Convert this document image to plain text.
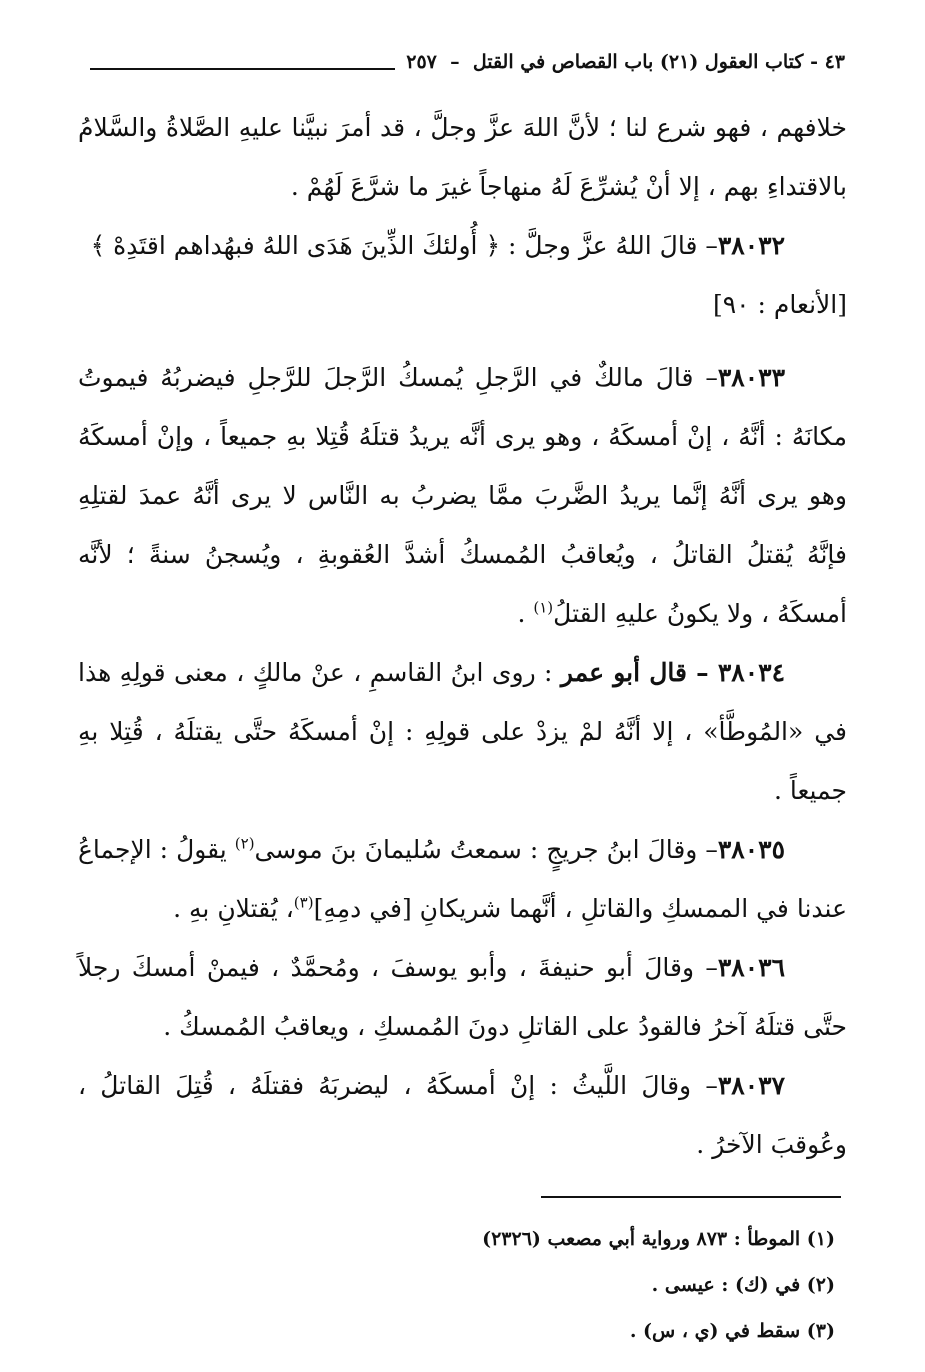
٤٣ - كتاب العقول (٢١) باب القصاص في القتل  –  ٢٥٧

خلافهم ، فهو شرع لنا ؛ لأنَّ اللهَ عزَّ وجلَّ ، قد أمرَ نبيَّنا عليهِ الصَّلاةُ والسَّلامُ بالاقتداءِ بهم ، إلا أنْ يُشرِّعَ لَهُ منهاجاً غيرَ ما شرَّعَ لَهُمْ .

٣٨٠٣٢– قالَ اللهُ عزَّ وجلَّ : ﴿ أُولئكَ الذِّينَ هَدَى اللهُ فبهُداهم اقتَدِهْ ﴾

[الأنعام : ٩٠]

٣٨٠٣٣– قالَ مالكٌ في الرَّجلِ يُمسكُ الرَّجلَ للرَّجلِ فيضربُهُ فيموتُ مكانَهُ : أنَّهُ ، إنْ أمسكَهُ ، وهو يرى أنَّه يريدُ قتلَهُ قُتِلا بهِ جميعاً ، وإنْ أمسكَهُ وهو يرى أنَّهُ إنَّما يريدُ الضَّربَ ممَّا يضربُ به النَّاس لا يرى أنَّهُ عمدَ لقتلِهِ فإنَّهُ يُقتلُ القاتلُ ، ويُعاقبُ المُمسكُ أشدَّ العُقوبةِ ، ويُسجنُ سنةً ؛ لأنَّه أمسكَهُ ، ولا يكونُ عليهِ القتلُ$^{(١)}$ .

٣٨٠٣٤ – قال أبو عمر : روى ابنُ القاسمِ ، عنْ مالكٍ ، معنى قولِهِ هذا في «المُوطَّأ» ، إلا أنَّهُ لمْ يزدْ على قولِهِ : إنْ أمسكَهُ حتَّى يقتلَهُ ، قُتِلا بهِ جميعاً .

٣٨٠٣٥– وقالَ ابنُ جريجٍ : سمعتُ سُليمانَ بنَ موسى$^{(٢)}$ يقولُ : الإجماعُ عندنا في الممسكِ والقاتلِ ، أنَّهما شريكانِ [في دمِهِ]$^{(٣)}$، يُقتلانِ بهِ .

٣٨٠٣٦– وقالَ أبو حنيفةَ ، وأبو يوسفَ ، ومُحمَّدٌ ، فيمنْ أمسكَ رجلاً حتَّى قتلَهُ آخرُ فالقودُ على القاتلِ دونَ المُمسكِ ، ويعاقبُ المُمسكُ .

٣٨٠٣٧– وقالَ اللَّيثُ : إنْ أمسكَهُ ، ليضربَهُ فقتلَهُ ، قُتِلَ القاتلُ ، وعُوقبَ الآخرُ .

(١) الموطأ : ٨٧٣ ورواية أبي مصعب (٢٣٢٦)

(٢) في (ك) : عيسى .

(٣) سقط في (ي ، س) .
